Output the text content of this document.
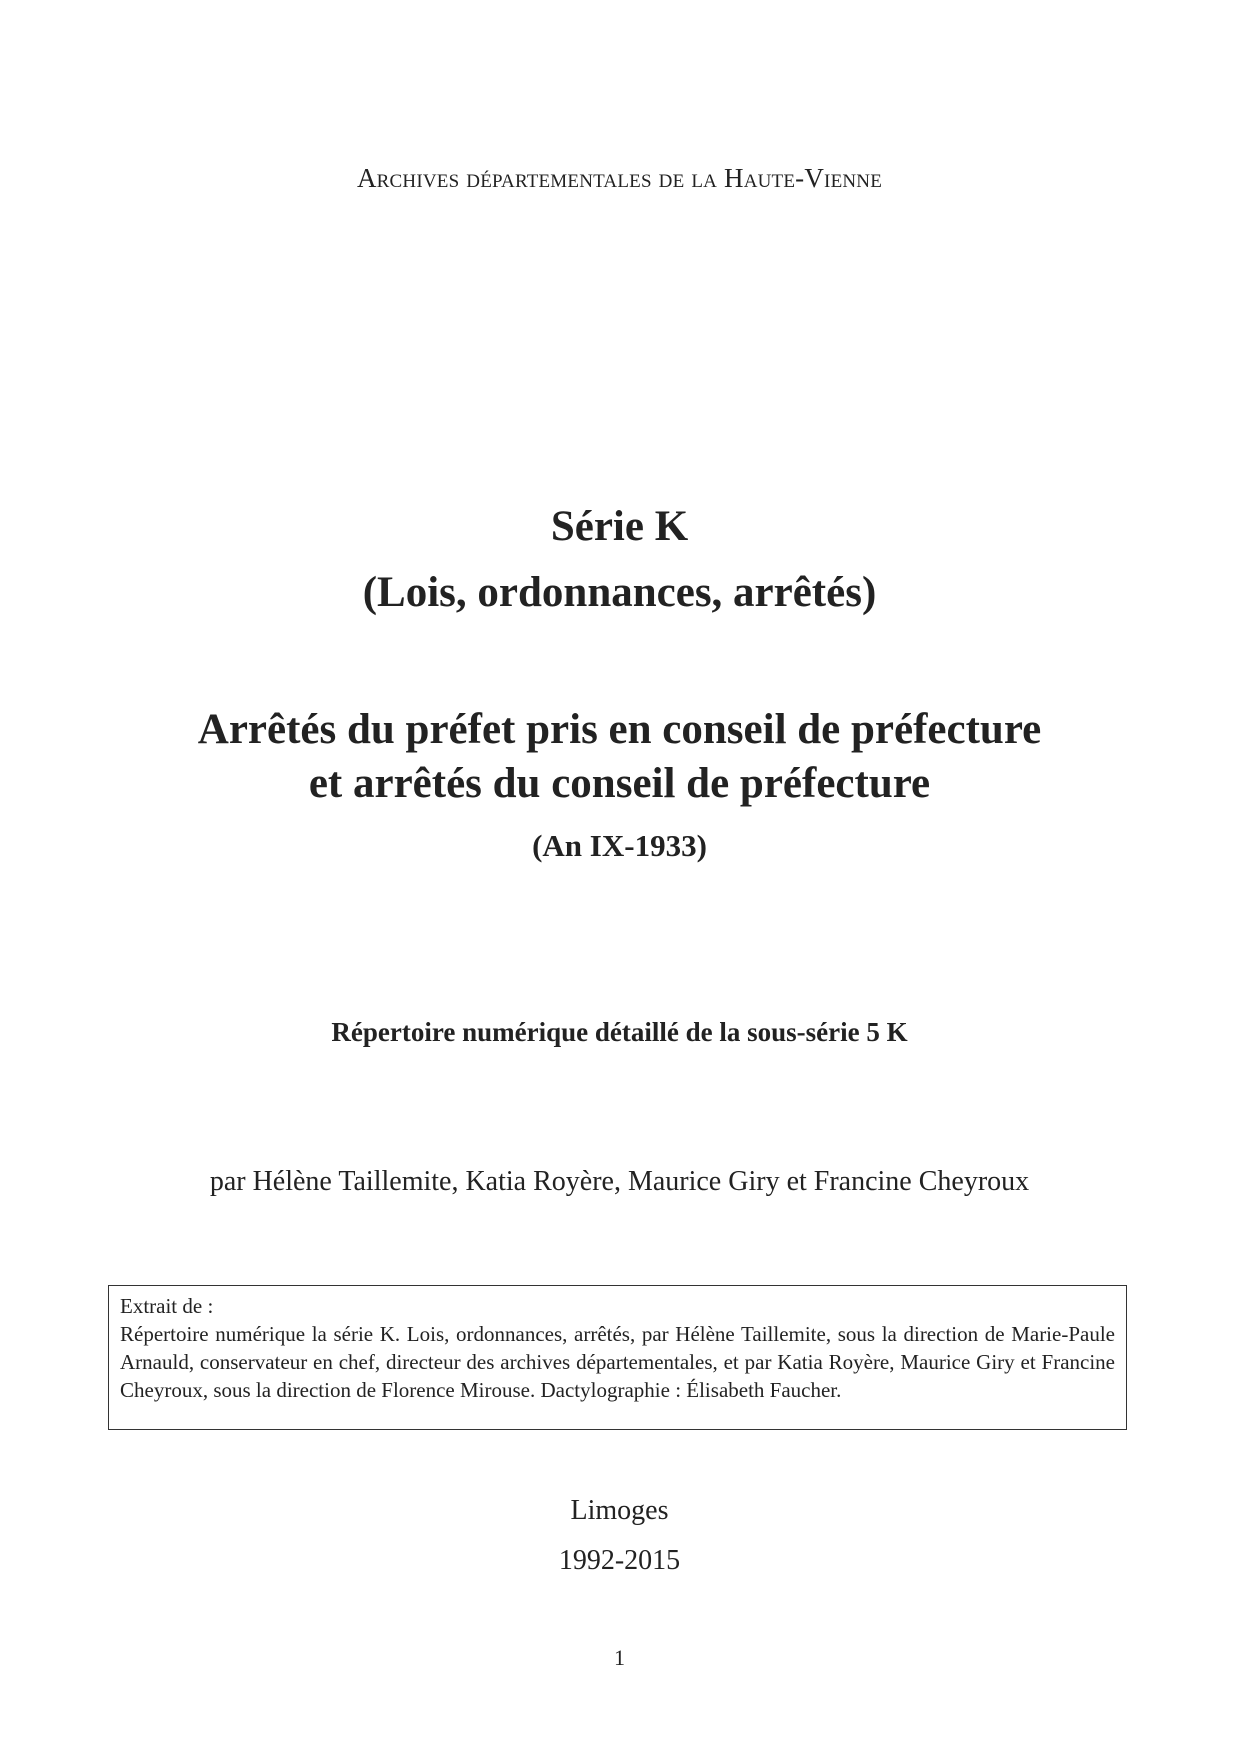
Archives départementales de la Haute-Vienne
Série K
(Lois, ordonnances, arrêtés)
Arrêtés du préfet pris en conseil de préfecture
et arrêtés du conseil de préfecture
(An IX-1933)
Répertoire numérique détaillé de la sous-série 5 K
par Hélène Taillemite, Katia Royère, Maurice Giry et Francine Cheyroux
Extrait de :
Répertoire numérique la série K. Lois, ordonnances, arrêtés, par Hélène Taillemite, sous la direction de Marie-Paule Arnauld, conservateur en chef, directeur des archives départementales, et par Katia Royère, Maurice Giry et Francine Cheyroux, sous la direction de Florence Mirouse. Dactylographie : Élisabeth Faucher.
Limoges
1992-2015
1
